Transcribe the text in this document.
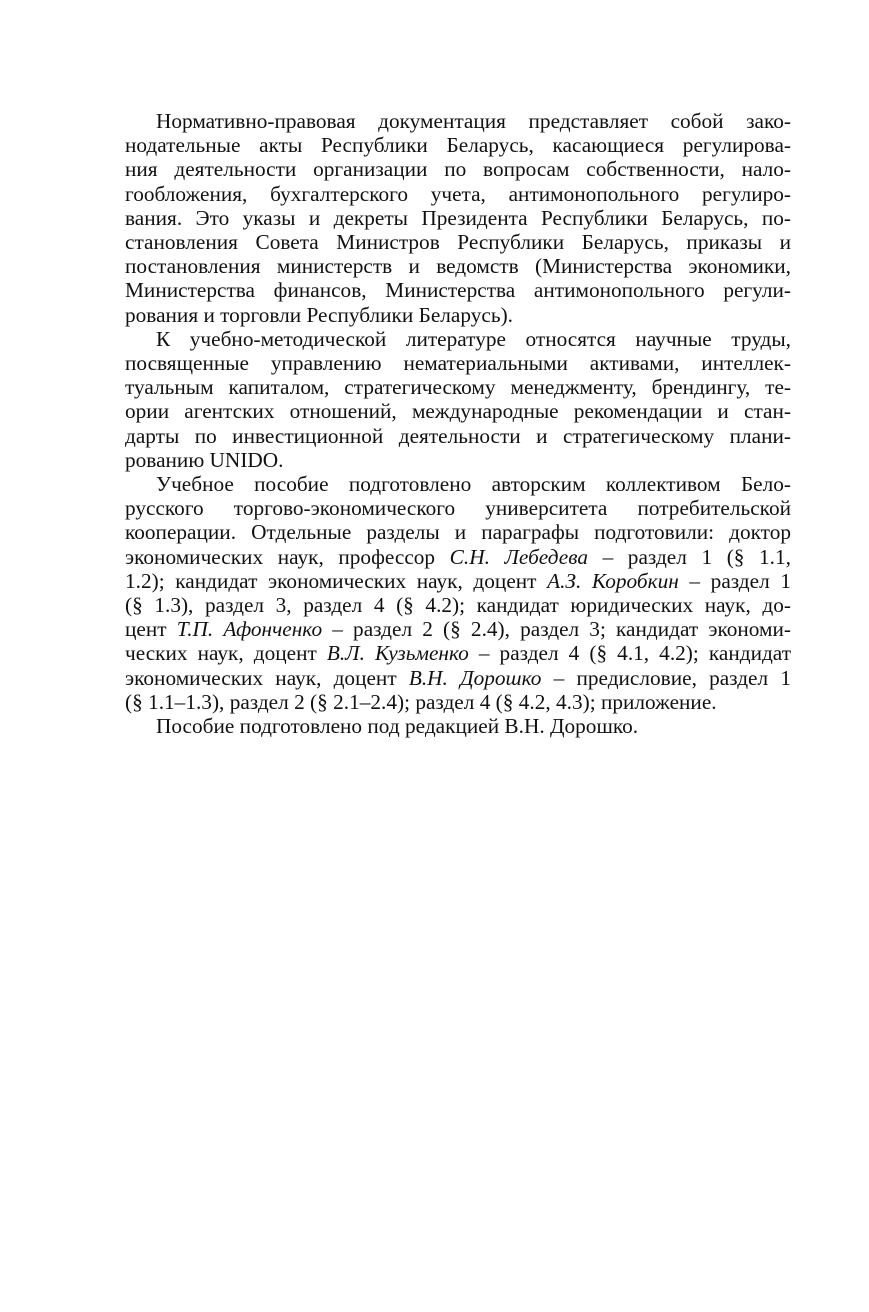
Нормативно-правовая документация представляет собой зако-
нодательные акты Республики Беларусь, касающиеся регулирова-
ния деятельности организации по вопросам собственности, нало-
гообложения, бухгалтерского учета, антимонопольного регулиро-
вания. Это указы и декреты Президента Республики Беларусь, по-
становления Совета Министров Республики Беларусь, приказы и
постановления министерств и ведомств (Министерства экономики,
Министерства финансов, Министерства антимонопольного регули-
рования и торговли Республики Беларусь).

К учебно-методической литературе относятся научные труды,
посвященные управлению нематериальными активами, интеллек-
туальным капиталом, стратегическому менеджменту, брендингу, те-
ории агентских отношений, международные рекомендации и стан-
дарты по инвестиционной деятельности и стратегическому плани-
рованию UNIDO.

Учебное пособие подготовлено авторским коллективом Бело-
русского торгово-экономического университета потребительской
кооперации. Отдельные разделы и параграфы подготовили: доктор
экономических наук, профессор С.Н. Лебедева – раздел 1 (§ 1.1,
1.2); кандидат экономических наук, доцент А.З. Коробкин – раздел 1
(§ 1.3), раздел 3, раздел 4 (§ 4.2); кандидат юридических наук, до-
цент Т.П. Афонченко – раздел 2 (§ 2.4), раздел 3; кандидат экономи-
ческих наук, доцент В.Л. Кузьменко – раздел 4 (§ 4.1, 4.2); кандидат
экономических наук, доцент В.Н. Дорошко – предисловие, раздел 1
(§ 1.1–1.3), раздел 2 (§ 2.1–2.4); раздел 4 (§ 4.2, 4.3); приложение.

Пособие подготовлено под редакцией В.Н. Дорошко.
